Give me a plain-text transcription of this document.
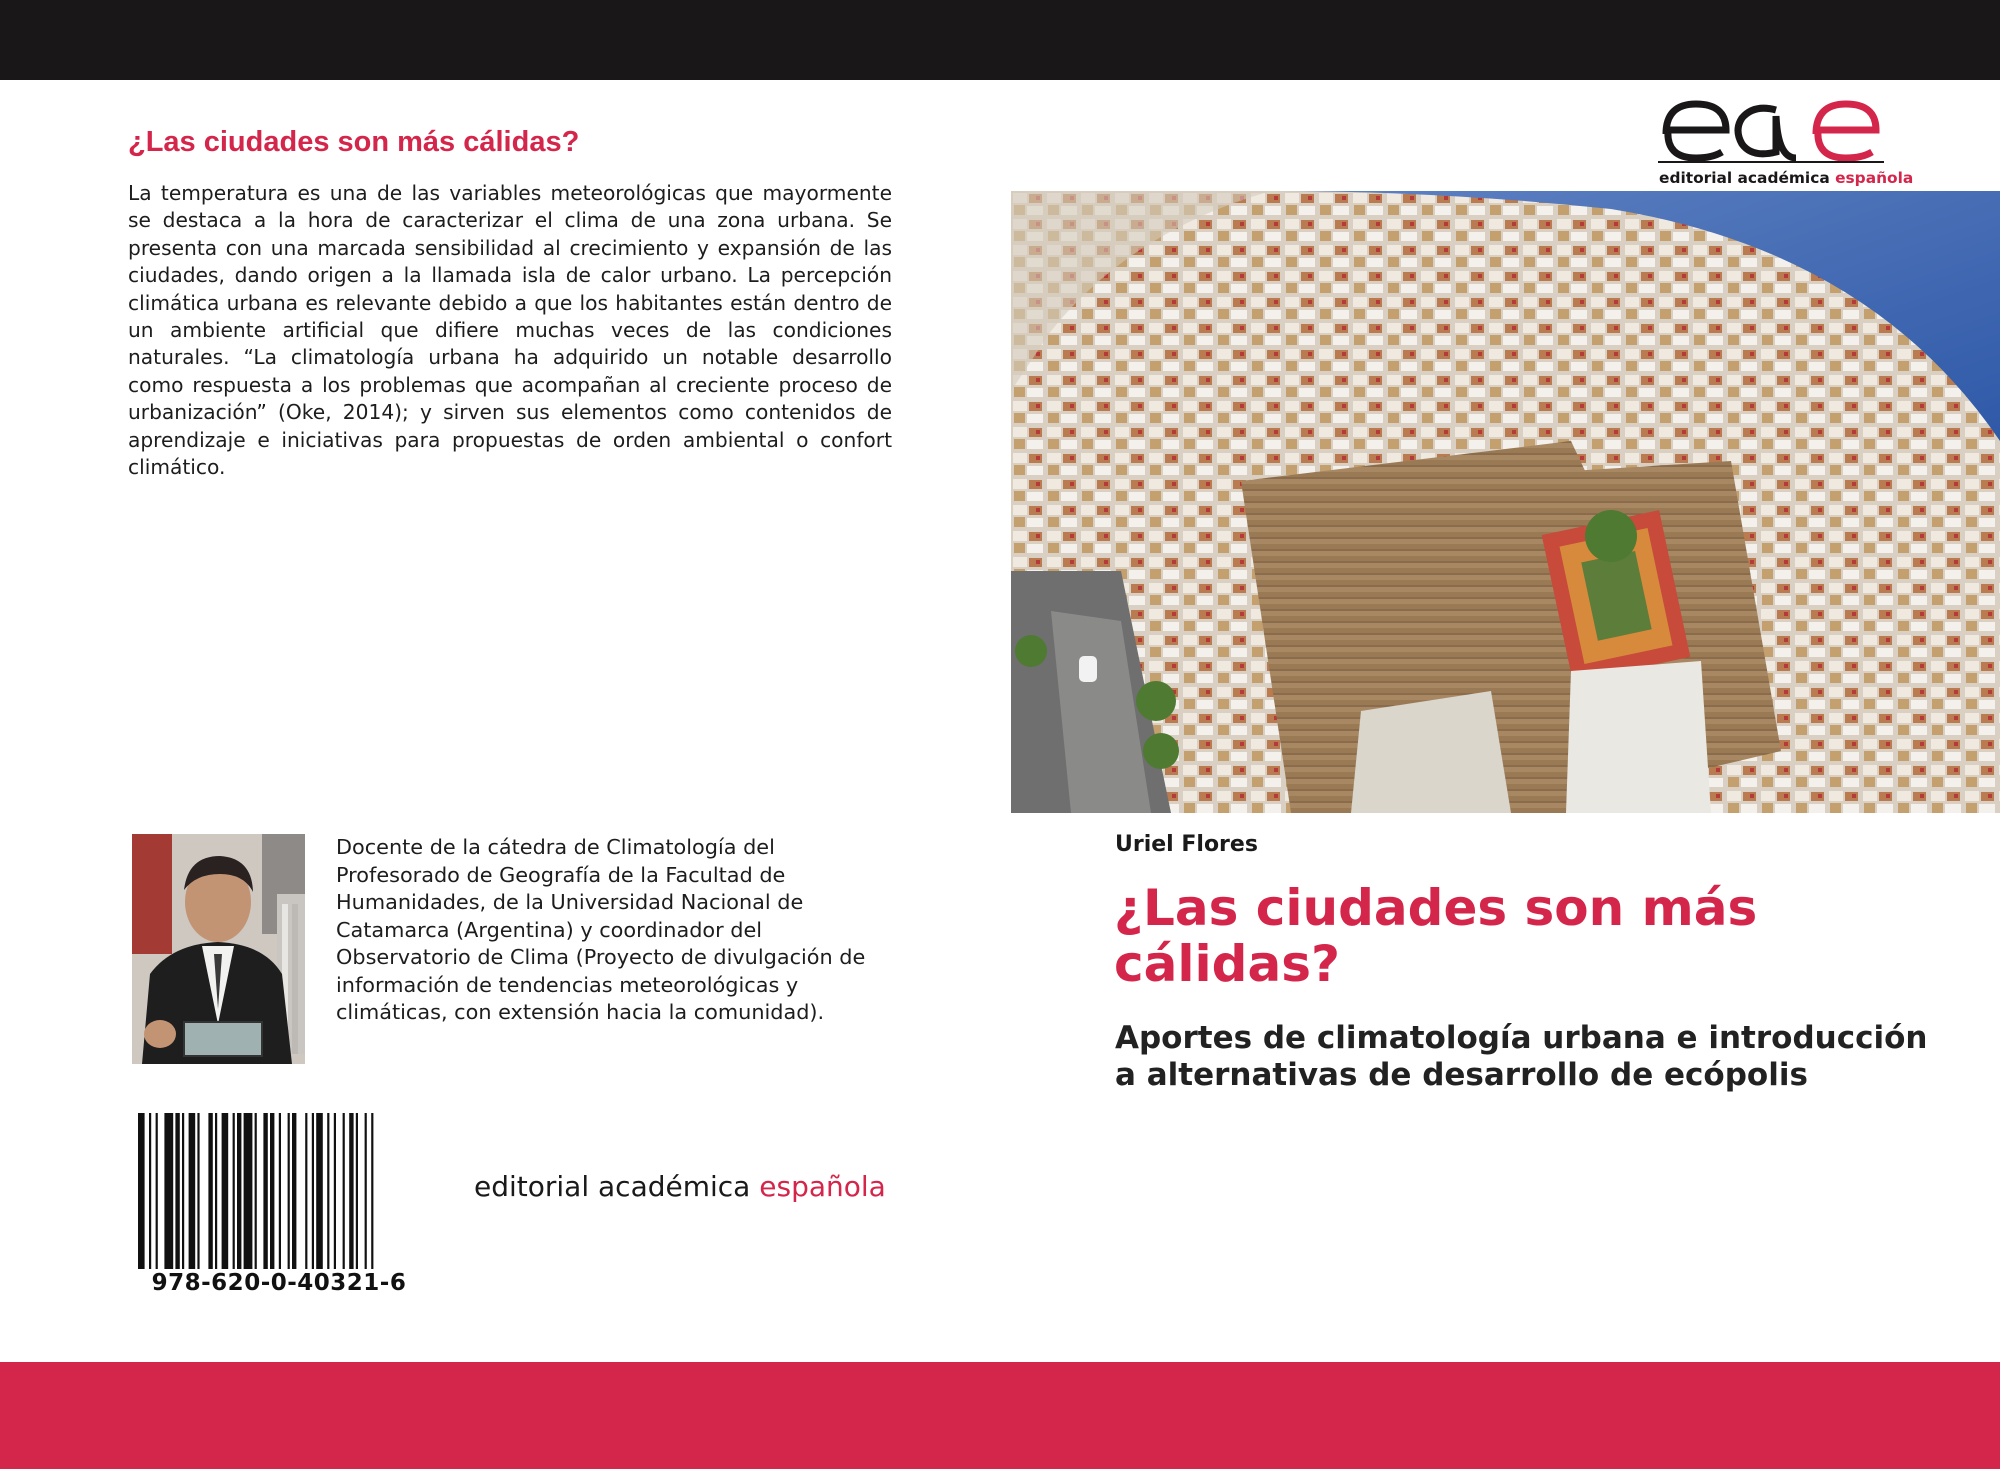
¿Las ciudades son más cálidas?
La temperatura es una de las variables meteorológicas que mayormente se destaca a la hora de caracterizar el clima de una zona urbana. Se presenta con una marcada sensibilidad al crecimiento y expansión de las ciudades, dando origen a la llamada isla de calor urbano. La percepción climática urbana es relevante debido a que los habitantes están dentro de un ambiente artificial que difiere muchas veces de las condiciones naturales. “La climatología urbana ha adquirido un notable desarrollo como respuesta a los problemas que acompañan al creciente proceso de urbanización” (Oke, 2014); y sirven sus elementos como contenidos de aprendizaje e iniciativas para propuestas de orden ambiental o confort climático.
Docente de la cátedra de Climatología del Profesorado de Geografía de la Facultad de Humanidades, de la Universidad Nacional de Catamarca (Argentina) y coordinador del Observatorio de Clima (Proyecto de divulgación de información de tendencias meteorológicas y climáticas, con extensión hacia la comunidad).
978-620-0-40321-6
editorial académica española
editorial académica española
Uriel Flores
¿Las ciudades son más cálidas?
Aportes de climatología urbana e introducción a alternativas de desarrollo de ecópolis
